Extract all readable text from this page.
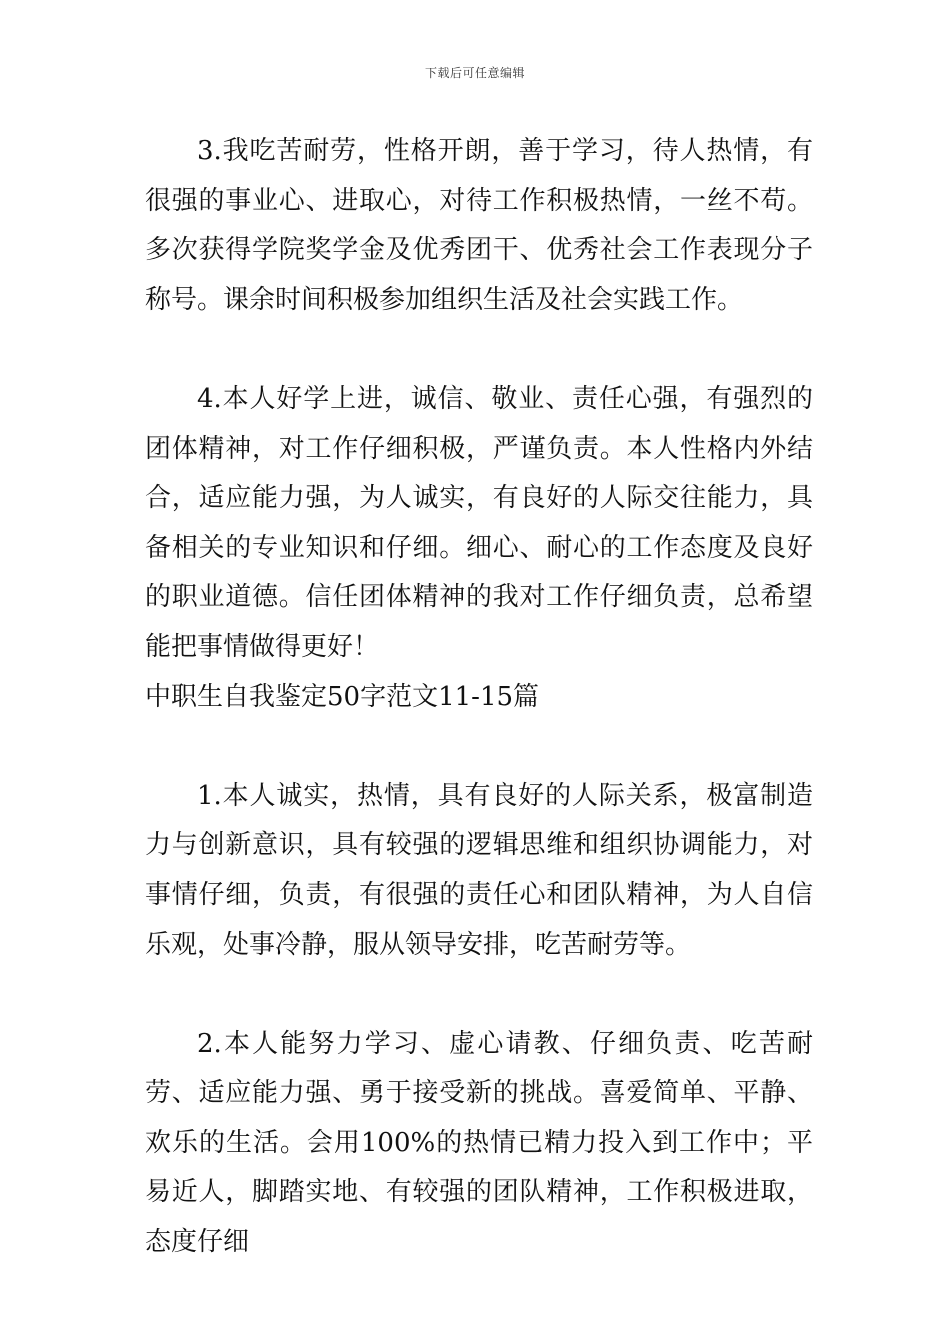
下载后可任意编辑

3.我吃苦耐劳，性格开朗，善于学习，待人热情，有很强的事业心、进取心，对待工作积极热情，一丝不苟。多次获得学院奖学金及优秀团干、优秀社会工作表现分子称号。课余时间积极参加组织生活及社会实践工作。

4.本人好学上进，诚信、敬业、责任心强，有强烈的团体精神，对工作仔细积极，严谨负责。本人性格内外结合，适应能力强，为人诚实，有良好的人际交往能力，具备相关的专业知识和仔细。细心、耐心的工作态度及良好的职业道德。信任团体精神的我对工作仔细负责，总希望能把事情做得更好！

中职生自我鉴定50字范文11-15篇

1.本人诚实，热情，具有良好的人际关系，极富制造力与创新意识，具有较强的逻辑思维和组织协调能力，对事情仔细，负责，有很强的责任心和团队精神，为人自信乐观，处事冷静，服从领导安排，吃苦耐劳等。

2.本人能努力学习、虚心请教、仔细负责、吃苦耐劳、适应能力强、勇于接受新的挑战。喜爱简单、平静、欢乐的生活。会用100%的热情已精力投入到工作中；平易近人，脚踏实地、有较强的团队精神，工作积极进取，态度仔细
